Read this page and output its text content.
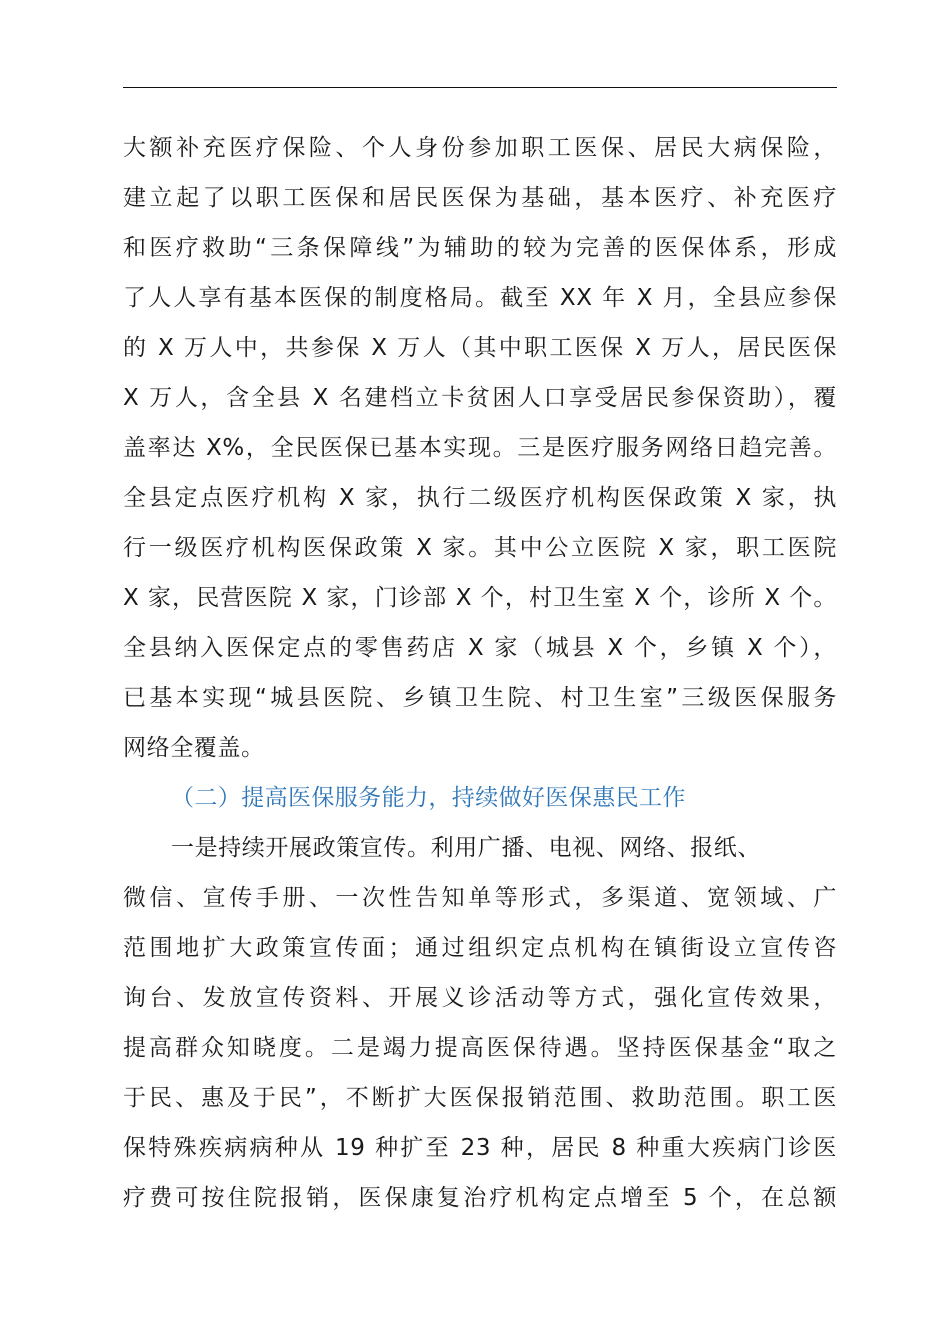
大额补充医疗保险、个人身份参加职工医保、居民大病保险，
建立起了以职工医保和居民医保为基础，基本医疗、补充医疗
和医疗救助“三条保障线”为辅助的较为完善的医保体系，形成
了人人享有基本医保的制度格局。截至 XX 年 X 月，全县应参保
的 X 万人中，共参保 X 万人（其中职工医保 X 万人，居民医保
X 万人，含全县 X 名建档立卡贫困人口享受居民参保资助），覆
盖率达 X%，全民医保已基本实现。三是医疗服务网络日趋完善。
全县定点医疗机构 X 家，执行二级医疗机构医保政策 X 家，执
行一级医疗机构医保政策 X 家。其中公立医院 X 家，职工医院
X 家，民营医院 X 家，门诊部 X 个，村卫生室 X 个，诊所 X 个。
全县纳入医保定点的零售药店 X 家（城县 X 个，乡镇 X 个），
已基本实现“城县医院、乡镇卫生院、村卫生室”三级医保服务
网络全覆盖。
（二）提高医保服务能力，持续做好医保惠民工作
一是持续开展政策宣传。利用广播、电视、网络、报纸、
微信、宣传手册、一次性告知单等形式，多渠道、宽领域、广
范围地扩大政策宣传面；通过组织定点机构在镇街设立宣传咨
询台、发放宣传资料、开展义诊活动等方式，强化宣传效果，
提高群众知晓度。二是竭力提高医保待遇。坚持医保基金“取之
于民、惠及于民”，不断扩大医保报销范围、救助范围。职工医
保特殊疾病病种从 19 种扩至 23 种，居民 8 种重大疾病门诊医
疗费可按住院报销，医保康复治疗机构定点增至 5 个，在总额
